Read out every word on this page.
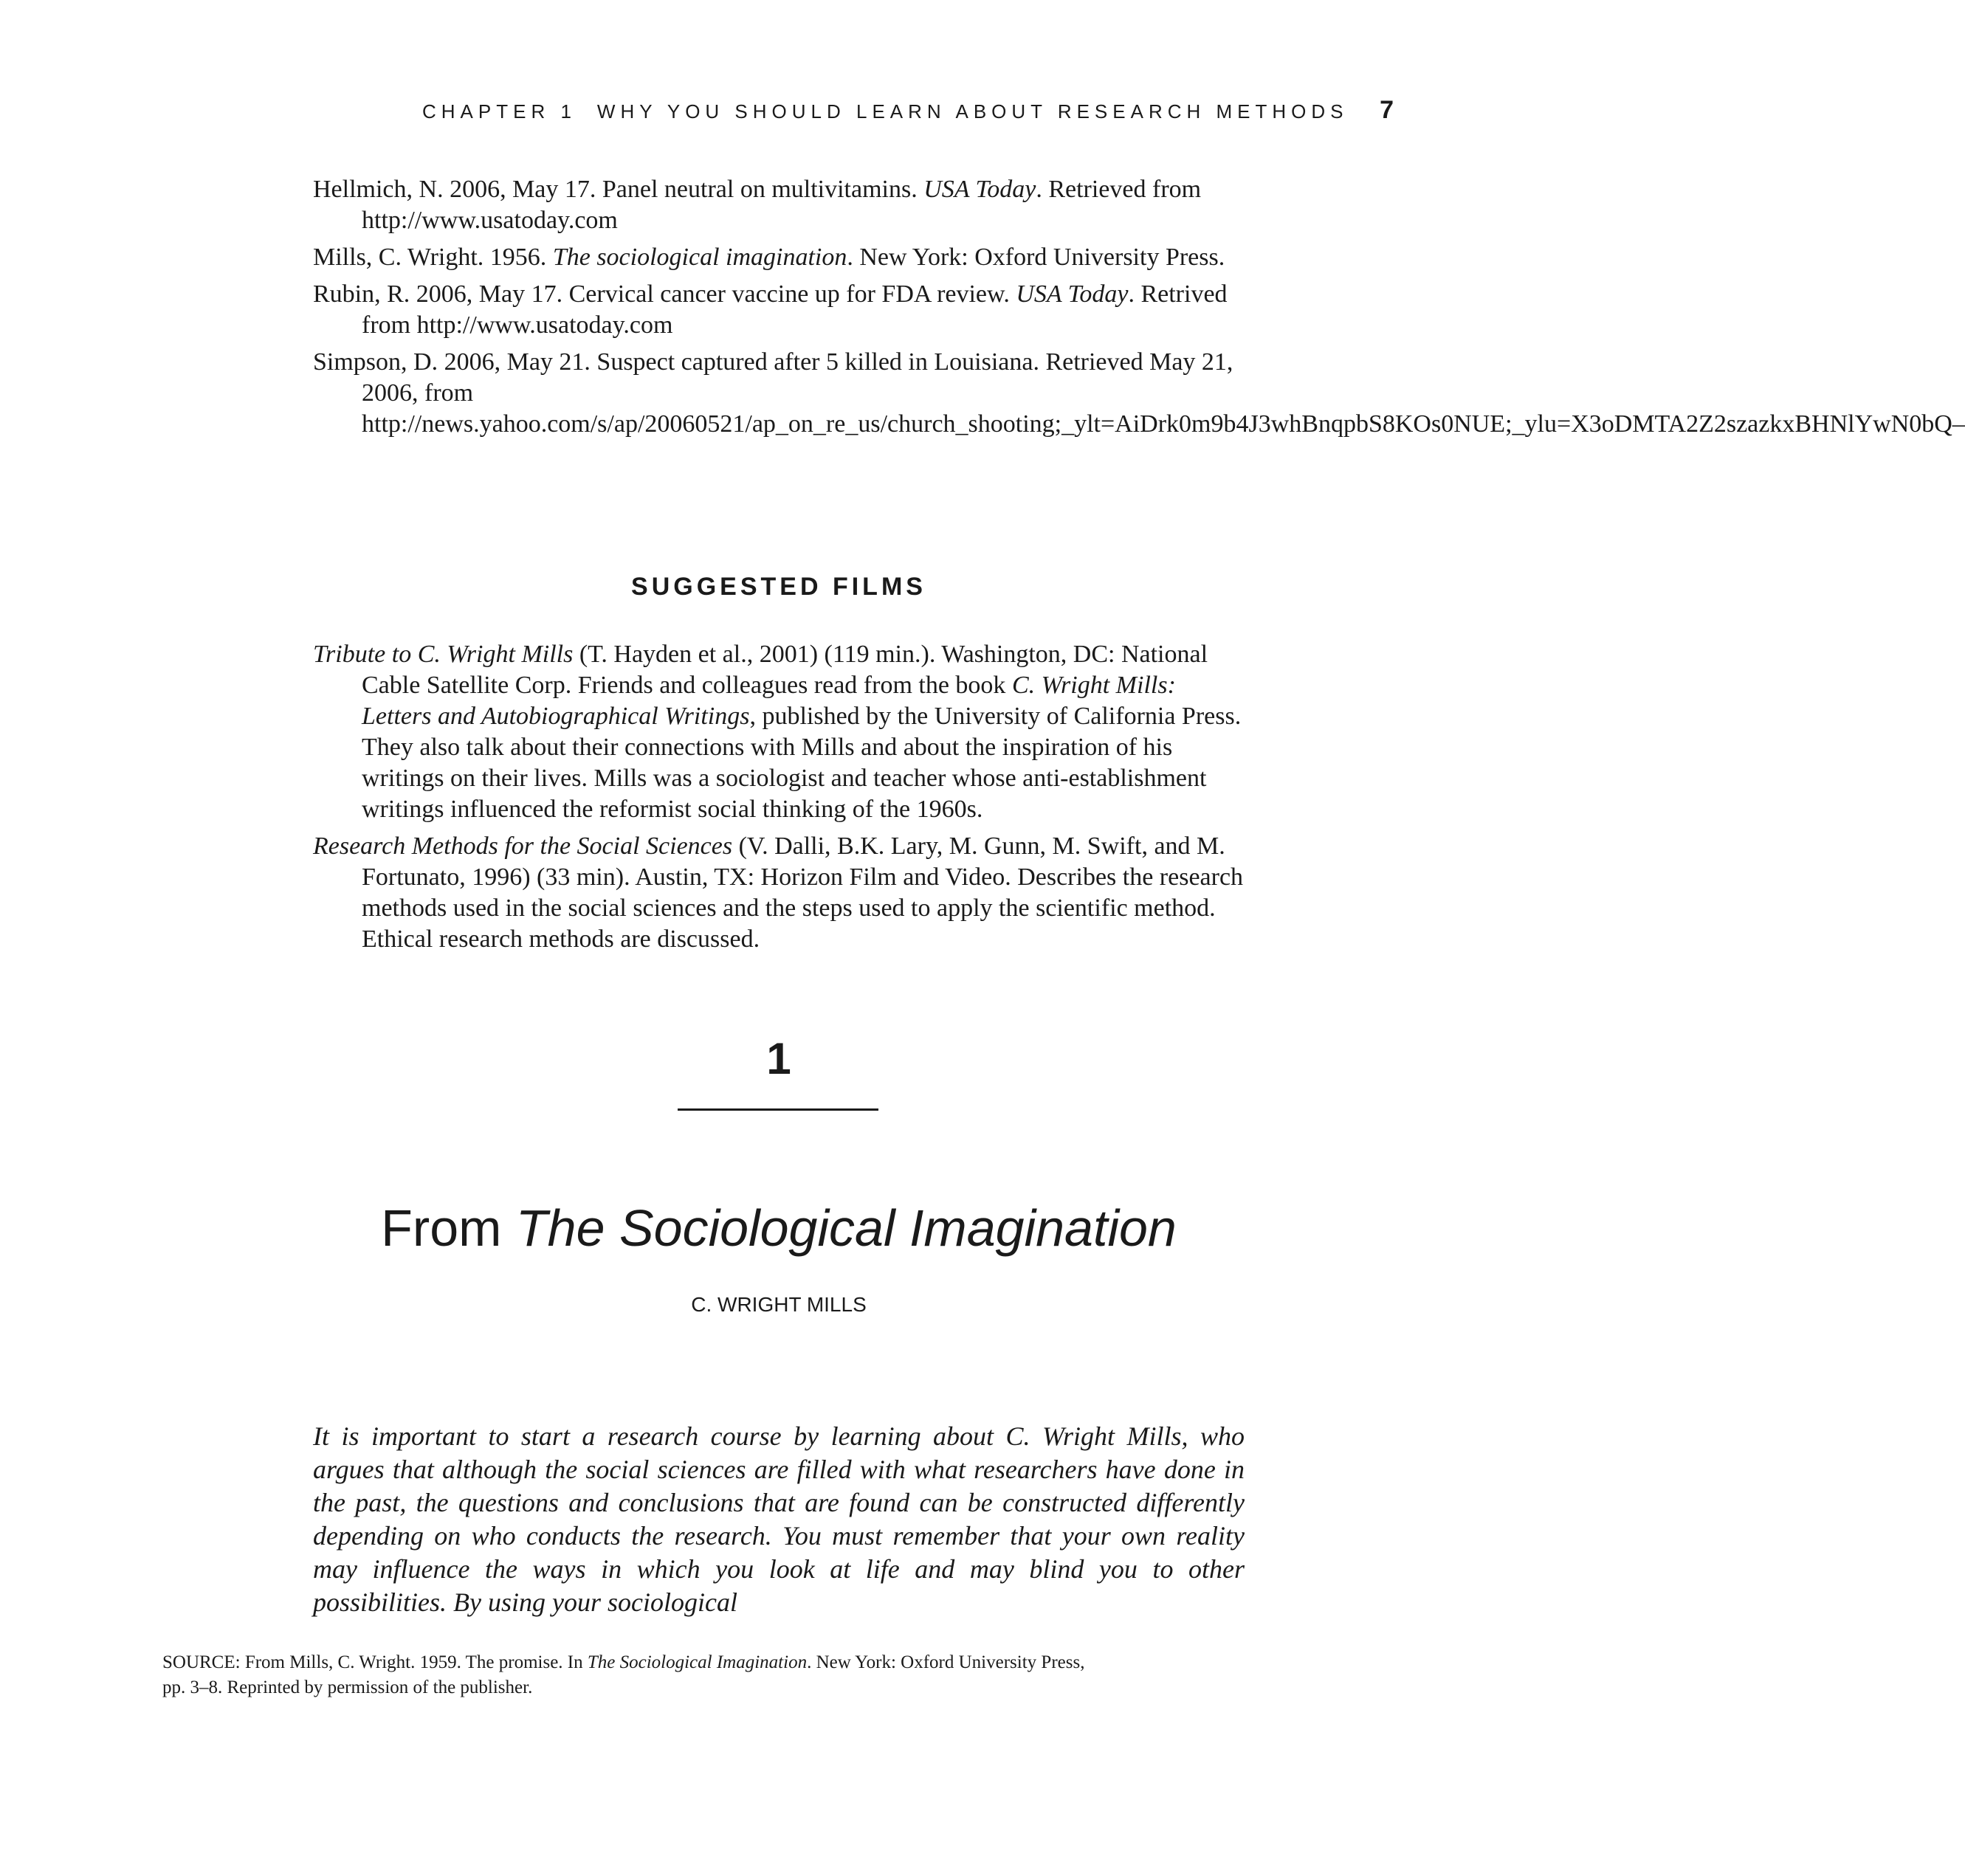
CHAPTER 1 WHY YOU SHOULD LEARN ABOUT RESEARCH METHODS 7
Hellmich, N. 2006, May 17. Panel neutral on multivitamins. USA Today. Retrieved from http://www.usatoday.com
Mills, C. Wright. 1956. The sociological imagination. New York: Oxford University Press.
Rubin, R. 2006, May 17. Cervical cancer vaccine up for FDA review. USA Today. Retrived from http://www.usatoday.com
Simpson, D. 2006, May 21. Suspect captured after 5 killed in Louisiana. Retrieved May 21, 2006, from http://news.yahoo.com/s/ap/20060521/ap_on_re_us/church_shooting;_ylt=AiDrk0m9b4J3whBnqpbS8KOs0NUE;_ylu=X3oDMTA2Z2szazkxBHNlYwN0bQ–
SUGGESTED FILMS
Tribute to C. Wright Mills (T. Hayden et al., 2001) (119 min.). Washington, DC: National Cable Satellite Corp. Friends and colleagues read from the book C. Wright Mills: Letters and Autobiographical Writings, published by the University of California Press. They also talk about their connections with Mills and about the inspiration of his writings on their lives. Mills was a sociologist and teacher whose anti-establishment writings influenced the reformist social thinking of the 1960s.
Research Methods for the Social Sciences (V. Dalli, B.K. Lary, M. Gunn, M. Swift, and M. Fortunato, 1996) (33 min). Austin, TX: Horizon Film and Video. Describes the research methods used in the social sciences and the steps used to apply the scientific method. Ethical research methods are discussed.
1
From The Sociological Imagination
C. WRIGHT MILLS
It is important to start a research course by learning about C. Wright Mills, who argues that although the social sciences are filled with what researchers have done in the past, the questions and conclusions that are found can be constructed differently depending on who conducts the research. You must remember that your own reality may influence the ways in which you look at life and may blind you to other possibilities. By using your sociological
SOURCE: From Mills, C. Wright. 1959. The promise. In The Sociological Imagination. New York: Oxford University Press, pp. 3–8. Reprinted by permission of the publisher.
